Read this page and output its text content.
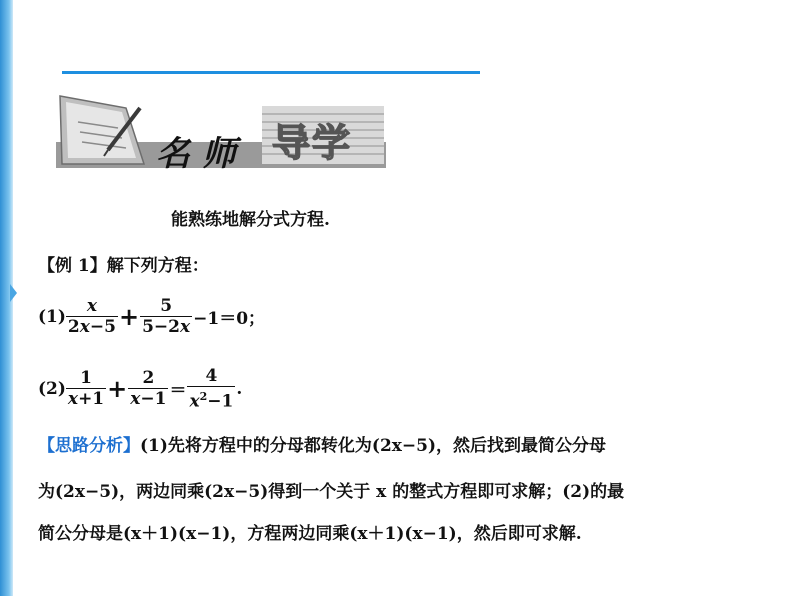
名 师 导学
能熟练地解分式方程.
【例 1】解下列方程：
$(1) \frac{x}{2x-5} + \frac{5}{5-2x} -1=0$；
$(2) \frac{1}{x+1} + \frac{2}{x-1} = \frac{4}{x^2-1}$ .
【思路分析】(1)先将方程中的分母都转化为(2x−5)，然后找到最简公分母
为(2x−5)，两边同乘(2x−5)得到一个关于 x 的整式方程即可求解；(2)的最
简公分母是(x＋1)(x−1)，方程两边同乘(x＋1)(x−1)，然后即可求解.
